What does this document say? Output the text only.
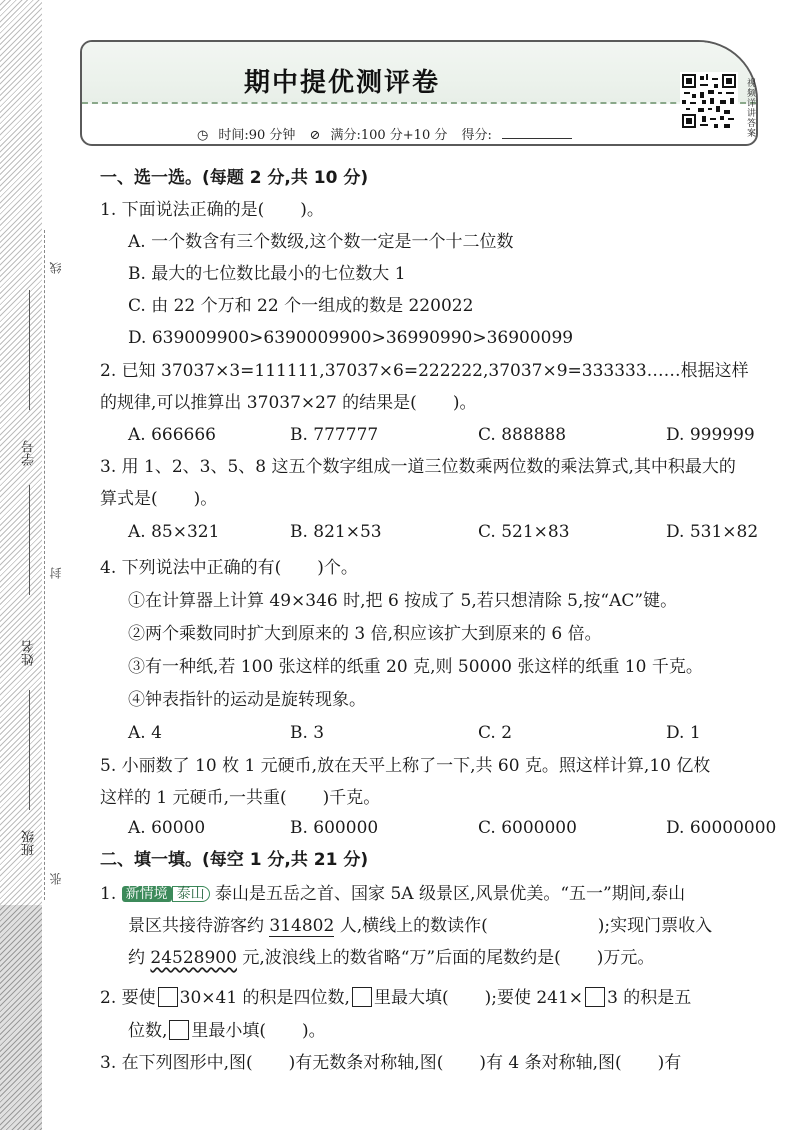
线
学号
封
姓名
班级
张
期中提优测评卷
◷ 时间:90 分钟 ⊘ 满分:100 分+10 分 得分:	视频详讲答案
一、选一选。(每题 2 分,共 10 分)
1. 下面说法正确的是( )。
A. 一个数含有三个数级,这个数一定是一个十二位数
B. 最大的七位数比最小的七位数大 1
C. 由 22 个万和 22 个一组成的数是 220022
D. 639009900>6390009900>36990990>36900099
2. 已知 37037×3=111111,37037×6=222222,37037×9=333333……根据这样
的规律,可以推算出 37037×27 的结果是( )。
A. 666666	B. 777777	C. 888888	D. 999999
3. 用 1、2、3、5、8 这五个数字组成一道三位数乘两位数的乘法算式,其中积最大的
算式是( )。
A. 85×321	B. 821×53	C. 521×83	D. 531×82
4. 下列说法中正确的有( )个。
①在计算器上计算 49×346 时,把 6 按成了 5,若只想清除 5,按“AC”键。
②两个乘数同时扩大到原来的 3 倍,积应该扩大到原来的 6 倍。
③有一种纸,若 100 张这样的纸重 20 克,则 50000 张这样的纸重 10 千克。
④钟表指针的运动是旋转现象。
A. 4	B. 3	C. 2	D. 1
5. 小丽数了 10 枚 1 元硬币,放在天平上称了一下,共 60 克。照这样计算,10 亿枚
这样的 1 元硬币,一共重( )千克。
A. 60000	B. 600000	C. 6000000	D. 60000000
二、填一填。(每空 1 分,共 21 分)
1. 新情境 泰山 泰山是五岳之首、国家 5A 级景区,风景优美。“五一”期间,泰山
景区共接待游客约 314802 人,横线上的数读作(	);实现门票收入
约 24528900 元,波浪线上的数省略“万”后面的尾数约是( )万元。
2. 要使 30×41 的积是四位数, 里最大填( );要使 241× 3 的积是五
位数, 里最小填( )。
3. 在下列图形中,图( )有无数条对称轴,图( )有 4 条对称轴,图( )有
